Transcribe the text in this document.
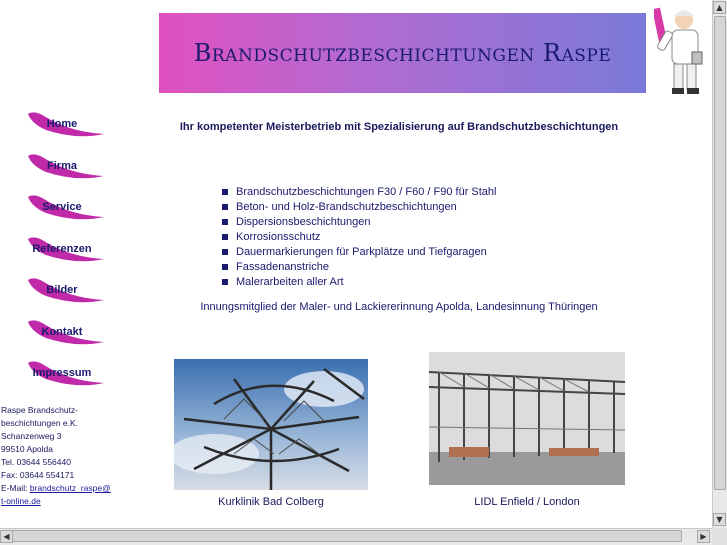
Brandschutzbeschichtungen Raspe
Home
Firma
Service
Referenzen
Bilder
Kontakt
Impressum
Raspe Brandschutz-
beschichtungen e.K.
Schanzenweg 3
99510 Apolda
Tel. 03644 556440
Fax: 03644 554171
E-Mail: brandschutz_raspe@
t-online.de
Ihr kompetenter Meisterbetrieb mit Spezialisierung auf Brandschutzbeschichtungen
Brandschutzbeschichtungen F30 / F60 / F90 für Stahl
Beton- und Holz-Brandschutzbeschichtungen
Dispersionsbeschichtungen
Korrosionsschutz
Dauermarkierungen für Parkplätze und Tiefgaragen
Fassadenanstriche
Malerarbeiten aller Art
Innungsmitglied der Maler- und Lackiererinnung Apolda, Landesinnung Thüringen
Kurklinik Bad Colberg	LIDL Enfield / London
▲
▼
◀	▶
